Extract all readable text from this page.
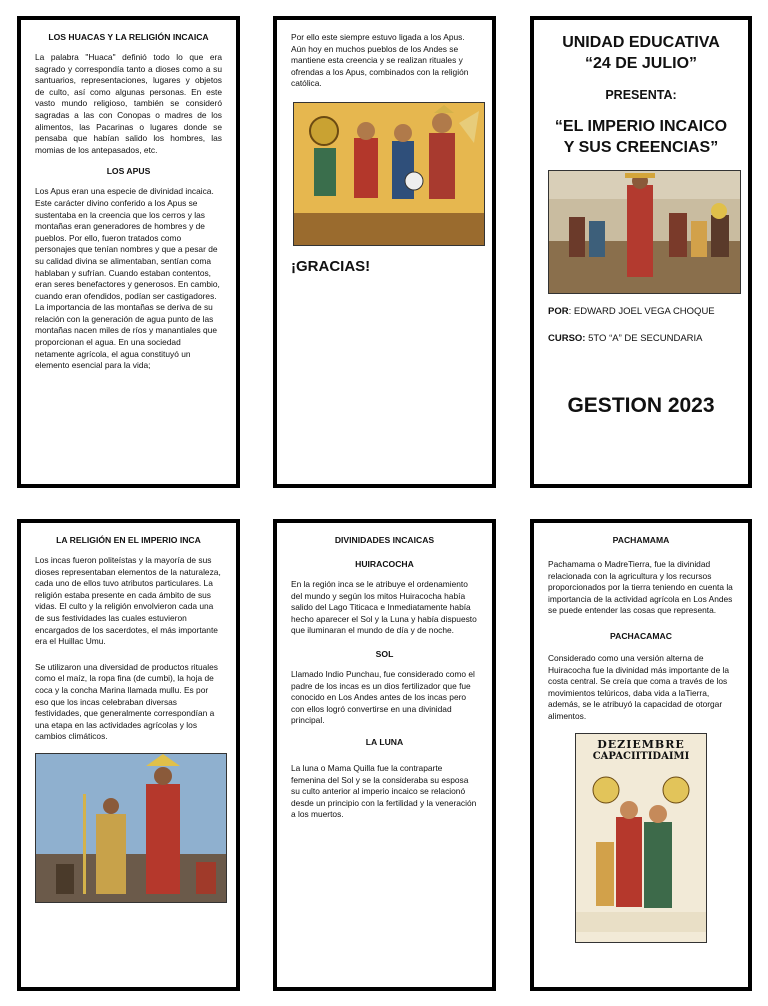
LOS HUACAS Y LA RELIGIÓN INCAICA
La palabra "Huaca" definió todo lo que era sagrado y correspondía tanto a dioses como a su santuarios, representaciones, lugares y objetos de culto, así como algunas personas. En este vasto mundo religioso, también se consideró sagradas a las con Conopas o madres de los alimentos, las Pacarinas o lugares donde se pensaba que habían salido los hombres, las momias de los antepasados, etc.
LOS APUS
Los Apus eran una especie de divinidad incaica. Este carácter divino conferido a los Apus se sustentaba en la creencia que los cerros y las montañas eran generadores de hombres y de pueblos. Por ello, fueron tratados como personajes que tenían nombres y que a pesar de su calidad divina se alimentaban, sentían coma hablaban y sufrían. Cuando estaban contentos, eran seres benefactores y generosos. En cambio, cuando eran ofendidos, podían ser castigadores. La importancia de las montañas se deriva de su relación con la generación de agua punto de las montañas nacen miles de ríos y manantiales que proporcionan el agua. En una sociedad netamente agrícola, el agua constituyó un elemento esencial para la vida;
Por ello este siempre estuvo ligada a los Apus. Aún hoy en muchos pueblos de los Andes se mantiene esta creencia y se realizan rituales y ofrendas a los Apus, combinados con la religión católica.
¡GRACIAS!
UNIDAD EDUCATIVA
“24 DE JULIO”
PRESENTA:
“EL IMPERIO INCAICO
Y SUS CREENCIAS”
POR: EDWARD JOEL VEGA CHOQUE
CURSO: 5TO “A” DE SECUNDARIA
GESTION 2023
LA RELIGIÓN EN EL IMPERIO INCA
Los incas fueron politeístas y la mayoría de sus dioses representaban elementos de la naturaleza, cada uno de ellos tuvo atributos particulares. La religión estaba presente en cada ámbito de sus vidas. El culto y la religión envolvieron cada una de sus festividades las cuales estuvieron encargados de los sacerdotes, el más importante era el Huillac Umu.
Se utilizaron una diversidad de productos rituales como el maíz, la ropa fina (de cumbi), la hoja de coca y la concha Marina llamada mullu. Es por eso que los incas celebraban diversas festividades, que generalmente correspondían a una etapa en las actividades agrícolas y los cambios climáticos.
DIVINIDADES INCAICAS
HUIRACOCHA
En la región inca se le atribuye el ordenamiento del mundo y según los mitos Huiracocha había salido del Lago Titicaca e Inmediatamente había hecho aparecer el Sol y la Luna y había dispuesto que iluminaran el mundo de día y de noche.
SOL
Llamado Indio Punchau, fue considerado como el padre de los incas es un dios fertilizador que fue conocido en Los Andes antes de los incas pero con ellos logró convertirse en una divinidad principal.
LA LUNA
La luna o Mama Quilla fue la contraparte femenina del Sol y se la consideraba su esposa su culto anterior al imperio incaico se relacionó desde un principio con la fertilidad y la veneración a los muertos.
PACHAMAMA
Pachamama o MadreTierra, fue la divinidad relacionada con la agricultura y los recursos proporcionados por la tierra teniendo en cuenta la importancia de la actividad agrícola en Los Andes se puede entender las cosas que representa.
PACHACAMAC
Considerado como una versión alterna de Huiracocha fue la divinidad más importante de la costa central. Se creía que coma a través de los movimientos telúricos, daba vida a laTierra, además, se le atribuyó la capacidad de otorgar alimentos.
DEZIEMBRE
CAPACIITIDAIMI
